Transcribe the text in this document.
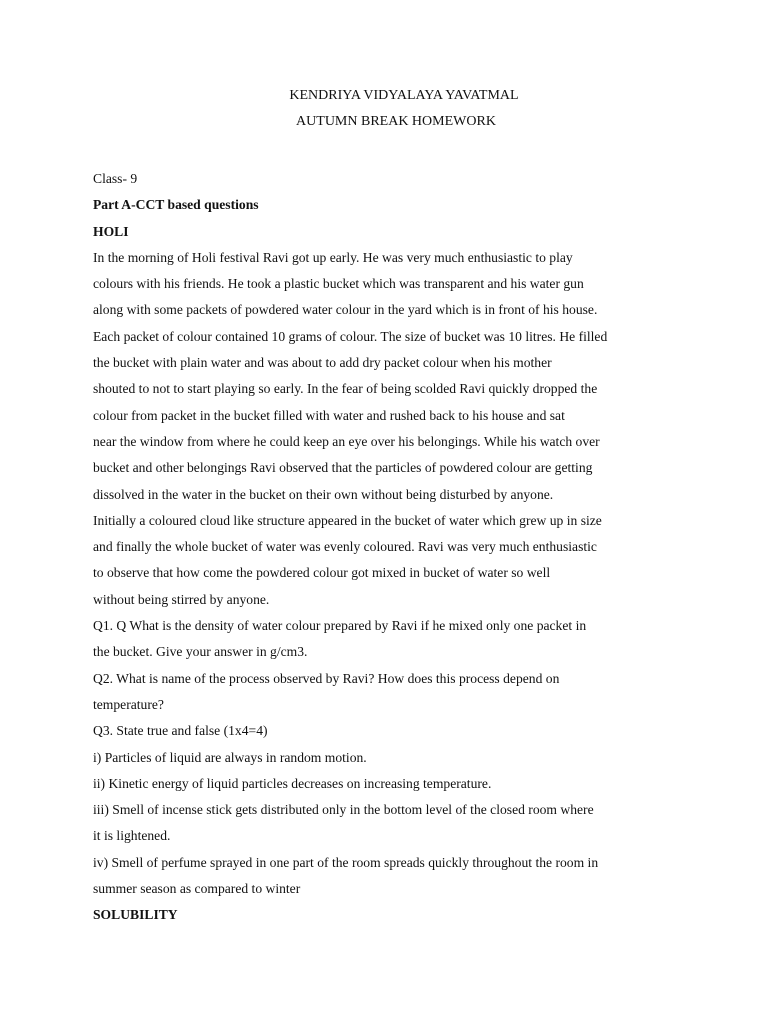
KENDRIYA VIDYALAYA YAVATMAL
AUTUMN BREAK HOMEWORK
Class- 9
Part A-CCT based questions
HOLI
In the morning of Holi festival Ravi got up early. He was very much enthusiastic to play
colours with his friends. He took a plastic bucket which was transparent and his water gun
along with some packets of powdered water colour in the yard which is in front of his house.
Each packet of colour contained 10 grams of colour. The size of bucket was 10 litres. He filled
the bucket with plain water and was about to add dry packet colour when his mother
shouted to not to start playing so early. In the fear of being scolded Ravi quickly dropped the
colour from packet in the bucket filled with water and rushed back to his house and sat
near the window from where he could keep an eye over his belongings. While his watch over
bucket and other belongings Ravi observed that the particles of powdered colour are getting
dissolved in the water in the bucket on their own without being disturbed by anyone.
Initially a coloured cloud like structure appeared in the bucket of water which grew up in size
and finally the whole bucket of water was evenly coloured. Ravi was very much enthusiastic
to observe that how come the powdered colour got mixed in bucket of water so well
without being stirred by anyone.
Q1. Q What is the density of water colour prepared by Ravi if he mixed only one packet in
the bucket. Give your answer in g/cm3.
Q2. What is name of the process observed by Ravi? How does this process depend on
temperature?
Q3. State true and false (1x4=4)
i) Particles of liquid are always in random motion.
ii) Kinetic energy of liquid particles decreases on increasing temperature.
iii) Smell of incense stick gets distributed only in the bottom level of the closed room where
it is lightened.
iv) Smell of perfume sprayed in one part of the room spreads quickly throughout the room in
summer season as compared to winter
SOLUBILITY
